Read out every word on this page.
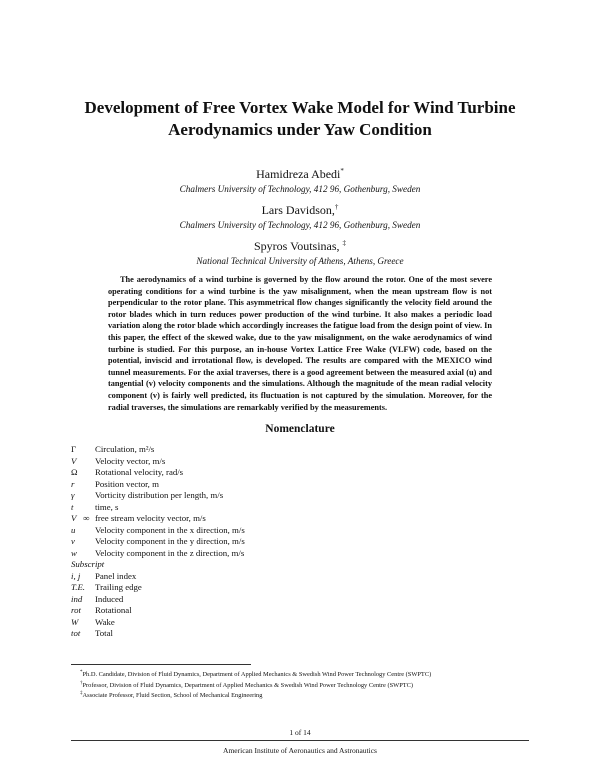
Development of Free Vortex Wake Model for Wind Turbine
Aerodynamics under Yaw Condition
Hamidreza Abedi*
Chalmers University of Technology, 412 96, Gothenburg, Sweden
Lars Davidson,†
Chalmers University of Technology, 412 96, Gothenburg, Sweden
Spyros Voutsinas, ‡
National Technical University of Athens, Athens, Greece
The aerodynamics of a wind turbine is governed by the flow around the rotor. One of the most severe operating conditions for a wind turbine is the yaw misalignment, when the mean upstream flow is not perpendicular to the rotor plane. This asymmetrical flow changes significantly the velocity field around the rotor blades which in turn reduces power production of the wind turbine. It also makes a periodic load variation along the rotor blade which accordingly increases the fatigue load from the design point of view. In this paper, the effect of the skewed wake, due to the yaw misalignment, on the wake aerodynamics of wind turbine is studied. For this purpose, an in-house Vortex Lattice Free Wake (VLFW) code, based on the potential, inviscid and irrotational flow, is developed. The results are compared with the MEXICO wind tunnel measurements. For the axial traverses, there is a good agreement between the measured axial (u) and tangential (v) velocity components and the simulations. Although the magnitude of the mean radial velocity component (v) is fairly well predicted, its fluctuation is not captured by the simulation. Moreover, for the radial traverses, the simulations are remarkably verified by the measurements.
Nomenclature
Γ	Circulation, m²/s
V⃗	Velocity vector, m/s
Ω	Rotational velocity, rad/s
r⃗	Position vector, m
γ	Vorticity distribution per length, m/s
t	time, s
V⃗∞ free stream velocity vector, m/s
u	Velocity component in the x direction, m/s
v	Velocity component in the y direction, m/s
w	Velocity component in the z direction, m/s
Subscript
i, j	Panel index
T.E.	Trailing edge
ind	Induced
rot	Rotational
W	Wake
tot	Total
*Ph.D. Candidate, Division of Fluid Dynamics, Department of Applied Mechanics & Swedish Wind Power Technology Centre (SWPTC)
†Professor, Division of Fluid Dynamics, Department of Applied Mechanics & Swedish Wind Power Technology Centre (SWPTC)
‡Associate Professor, Fluid Section, School of Mechanical Engineering
1 of 14
American Institute of Aeronautics and Astronautics
